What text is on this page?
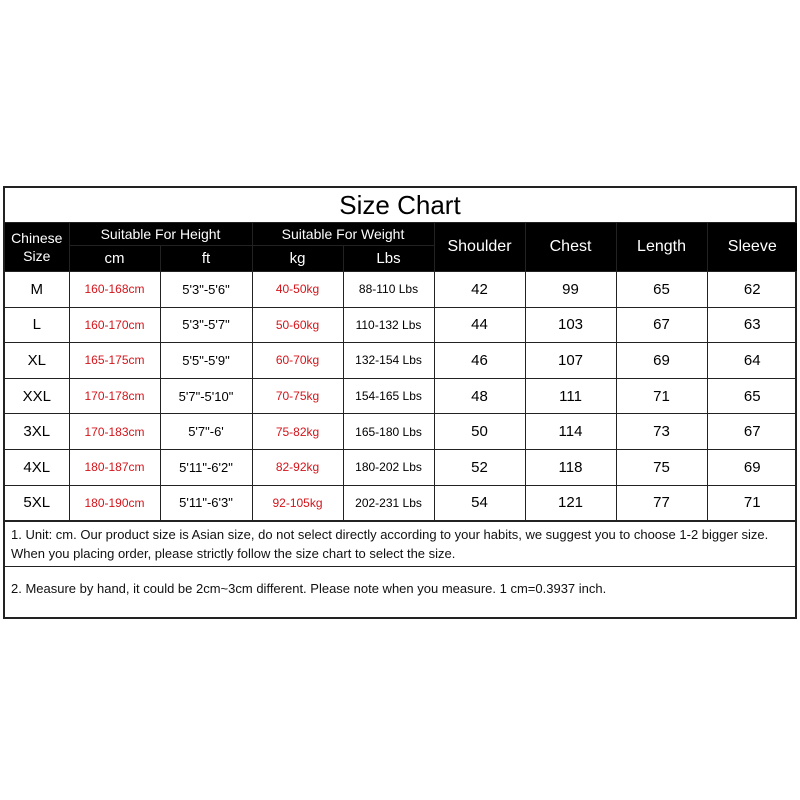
Size Chart
Chinese
Size	Suitable For Height		Suitable For Weight		Shoulder	Chest	Length	Sleeve
	cm	ft	kg	Lbs				
M	160-168cm	5'3"-5'6"	40-50kg	88-110 Lbs	42	99	65	62
L	160-170cm	5'3"-5'7"	50-60kg	110-132 Lbs	44	103	67	63
XL	165-175cm	5'5"-5'9"	60-70kg	132-154 Lbs	46	107	69	64
XXL	170-178cm	5'7"-5'10"	70-75kg	154-165 Lbs	48	111	71	65
3XL	170-183cm	5'7"-6'	75-82kg	165-180 Lbs	50	114	73	67
4XL	180-187cm	5'11"-6'2"	82-92kg	180-202 Lbs	52	118	75	69
5XL	180-190cm	5'11"-6'3"	92-105kg	202-231 Lbs	54	121	77	71
1. Unit: cm. Our product size is Asian size, do not select directly according to your habits, we suggest you to choose 1-2 bigger size. When you placing order, please strictly follow the size chart to select the size.
2. Measure by hand, it could be 2cm~3cm different. Please note when you measure. 1 cm=0.3937 inch.
